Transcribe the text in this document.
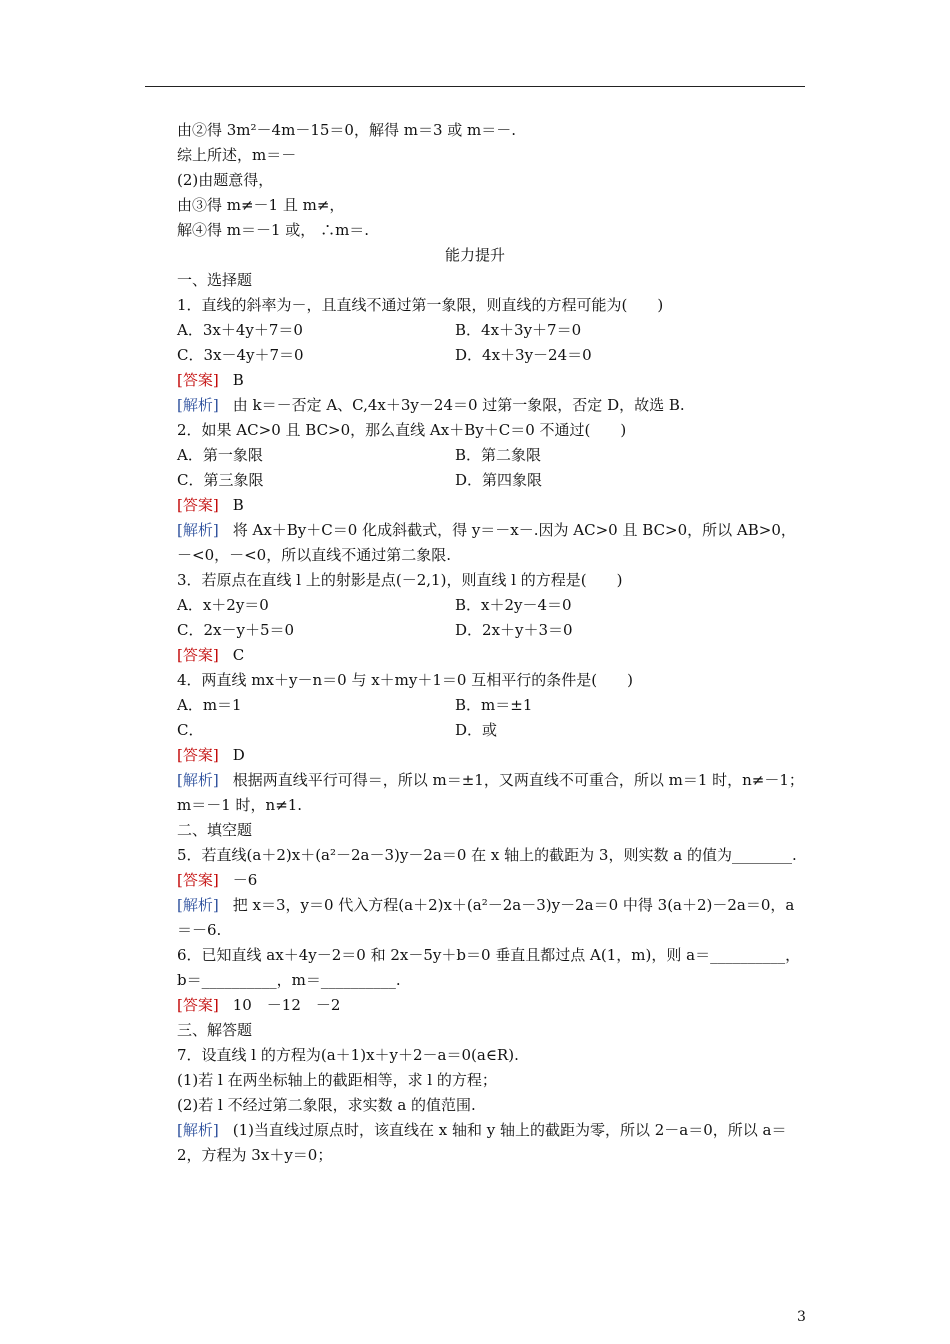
由②得 3m²－4m－15＝0，解得 m＝3 或 m＝－.
综上所述，m＝－
(2)由题意得，
由③得 m≠－1 且 m≠，
解④得 m＝－1 或， ∴m＝.
能力提升
一、选择题
1．直线的斜率为－，且直线不通过第一象限，则直线的方程可能为(　　)
A．3x＋4y＋7＝0	B．4x＋3y＋7＝0
C．3x－4y＋7＝0	D．4x＋3y－24＝0
[答案] B
[解析] 由 k＝－否定 A、C,4x＋3y－24＝0 过第一象限，否定 D，故选 B.
2．如果 AC>0 且 BC>0，那么直线 Ax＋By＋C＝0 不通过(　　)
A．第一象限	B．第二象限
C．第三象限	D．第四象限
[答案] B
[解析] 将 Ax＋By＋C＝0 化成斜截式，得 y＝－x－.因为 AC>0 且 BC>0，所以 AB>0，－<0，－<0，所以直线不通过第二象限.
3．若原点在直线 l 上的射影是点(－2,1)，则直线 l 的方程是(　　)
A．x＋2y＝0	B．x＋2y－4＝0
C．2x－y＋5＝0	D．2x＋y＋3＝0
[答案] C
4．两直线 mx＋y－n＝0 与 x＋my＋1＝0 互相平行的条件是(　　)
A．m＝1	B．m＝±1
C．	D．或
[答案] D
[解析] 根据两直线平行可得＝，所以 m＝±1，又两直线不可重合，所以 m＝1 时，n≠－1；m＝－1 时，n≠1.
二、填空题
5．若直线(a＋2)x＋(a²－2a－3)y－2a＝0 在 x 轴上的截距为 3，则实数 a 的值为________.
[答案] －6
[解析] 把 x＝3，y＝0 代入方程(a＋2)x＋(a²－2a－3)y－2a＝0 中得 3(a＋2)－2a＝0，a＝－6.
6．已知直线 ax＋4y－2＝0 和 2x－5y＋b＝0 垂直且都过点 A(1，m)，则 a＝__________，b＝__________，m＝__________.
[答案] 10　－12　－2
三、解答题
7．设直线 l 的方程为(a＋1)x＋y＋2－a＝0(a∈R).
(1)若 l 在两坐标轴上的截距相等，求 l 的方程；
(2)若 l 不经过第二象限，求实数 a 的值范围.
[解析] (1)当直线过原点时，该直线在 x 轴和 y 轴上的截距为零，所以 2－a＝0，所以 a＝2，方程为 3x＋y＝0；
3
